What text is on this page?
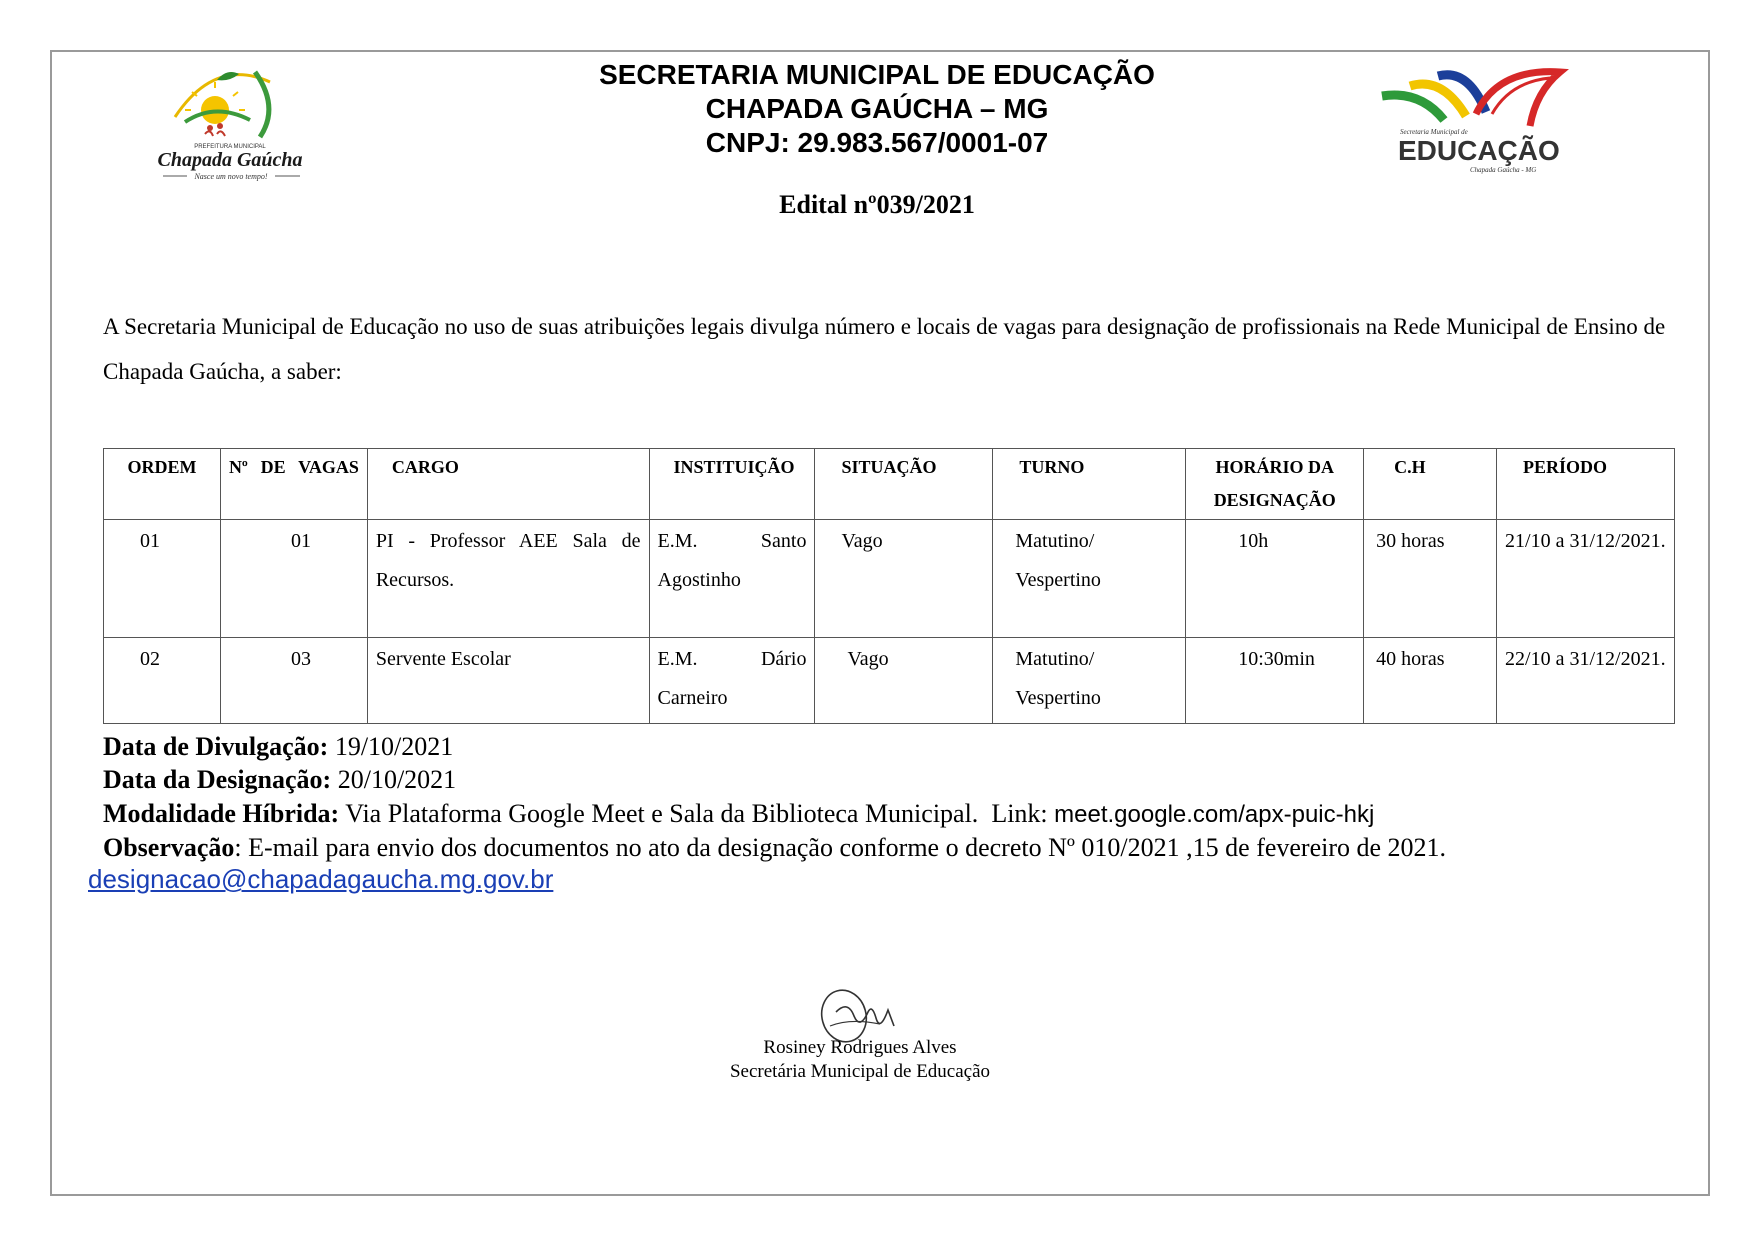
PREFEITURA MUNICIPAL
Chapada Gaúcha
Nasce um novo tempo!
SECRETARIA MUNICIPAL DE EDUCAÇÃO
CHAPADA GAÚCHA – MG
CNPJ: 29.983.567/0001-07	Secretaria Municipal de
EDUCAÇÃO
Chapada Gaúcha - MG
Edital nº039/2021
A Secretaria Municipal de Educação no uso de suas atribuições legais divulga número e locais de vagas para designação de profissionais na Rede Municipal de Ensino de Chapada Gaúcha, a saber:
ORDEM	Nº DE VAGAS	CARGO	INSTITUIÇÃO	SITUAÇÃO	TURNO	HORÁRIO DA DESIGNAÇÃO	C.H	PERÍODO
01	01	PI - Professor AEE Sala de Recursos.	E.M. Santo Agostinho	Vago	Matutino/ Vespertino	10h	30 horas	21/10 a 31/12/2021.
02	03	Servente Escolar	E.M. Dário Carneiro	Vago	Matutino/ Vespertino	10:30min	40 horas	22/10 a 31/12/2021.
Data de Divulgação: 19/10/2021
Data da Designação: 20/10/2021
Modalidade Híbrida: Via Plataforma Google Meet e Sala da Biblioteca Municipal. Link: meet.google.com/apx-puic-hkj
Observação: E-mail para envio dos documentos no ato da designação conforme o decreto Nº 010/2021 ,15 de fevereiro de 2021.
designacao@chapadagaucha.mg.gov.br
Rosiney Rodrigues Alves
Secretária Municipal de Educação
